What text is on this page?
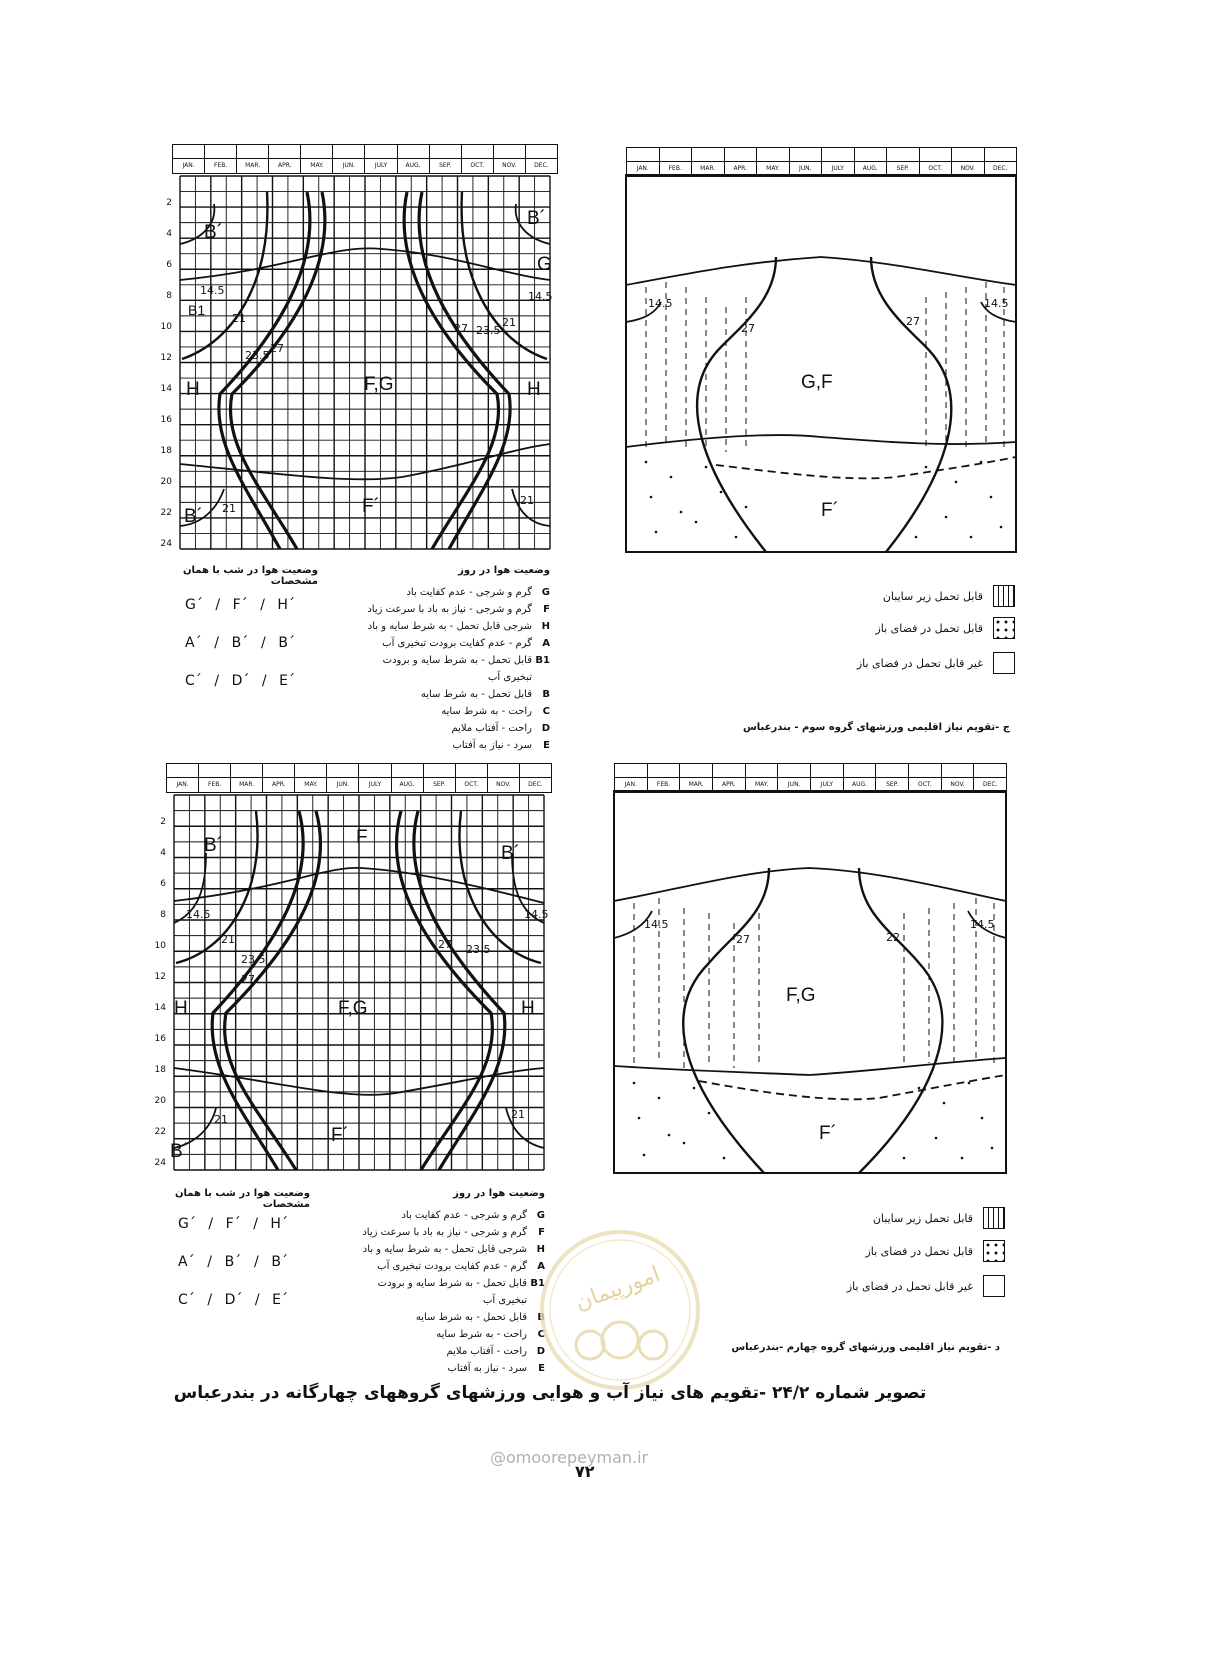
JAN.	FEB.	MAR.	APR.	MAY.	JUN.	JULY	AUG.	SEP.	OCT.	NOV.	DEC.
2
4
6
8
10
12
14
16
18
20
22
24
B´
G
B´
B1
H	F,G	H
B´	F´
21
23.5
27
14.5
27 23.5
21
14.5
21
21
JAN.	FEB.	MAR.	APR.	MAY.	JUN.	JULY	AUG.	SEP.	OCT.	NOV.	DEC.
G,F
F´
14.5
27
27
14.5
وضعیت هوا در شب با همان مشخصات
G´ / F´ / H´
A´ / B´ / B´
C´ / D´ / E´
وضعیت هوا در روز
G
گرم و شرجی - عدم کفایت باد
F
گرم و شرجی - نیاز به باد با سرعت زیاد
H
شرجی قابل تحمل - به شرط سایه و باد
A
گرم - عدم کفایت برودت تبخیری آب
B1
قابل تحمل - به شرط سایه و برودت تبخیری آب
B
قابل تحمل - به شرط سایه
C
راحت - به شرط سایه
D
راحت - آفتاب ملایم
E
سرد - نیاز به آفتاب
قابل تحمل زیر سایبان
قابل تحمل در فضای باز
غیر قابل تحمل در فضای باز
ج -تقویم نیاز اقلیمی ورزشهای گروه سوم - بندرعباس
JAN.	FEB.	MAR.	APR.	MAY.	JUN.	JULY	AUG.	SEP.	OCT.	NOV.	DEC.
2
4
6
8
10
12
14
16
18
20
22
24
B´	F
B´
H	F,G	H
F´
B´
14.5
21
23.5
27
27 23.5
14.5
21	21
JAN.	FEB.	MAR.	APR.	MAY.	JUN.	JULY	AUG.	SEP.	OCT.	NOV.	DEC.
F,G
F´
14.5
27	22
14.5
وضعیت هوا در شب با همان مشخصات
G´ / F´ / H´
A´ / B´ / B´
C´ / D´ / E´
وضعیت هوا در روز
G
گرم و شرجی - عدم کفایت باد
F
گرم و شرجی - نیاز به باد با سرعت زیاد
H
شرجی قابل تحمل - به شرط سایه و باد
A
گرم - عدم کفایت برودت تبخیری آب
B1
قابل تحمل - به شرط سایه و برودت تبخیری آب
B
قابل تحمل - به شرط سایه
C
راحت - به شرط سایه
D
راحت - آفتاب ملایم
E
سرد - نیاز به آفتاب
قابل تحمل زیر سایبان
قابل تحمل در فضای باز
غیر قابل تحمل در فضای باز
د -تقویم نیاز اقلیمی ورزشهای گروه چهارم -بندرعباس
امورپیمان
تصویر شماره ۲۴/۲ -تقویم های نیاز آب و هوایی ورزشهای گروههای چهارگانه در بندرعباس
@omoorepeyman.ir
۷۲
